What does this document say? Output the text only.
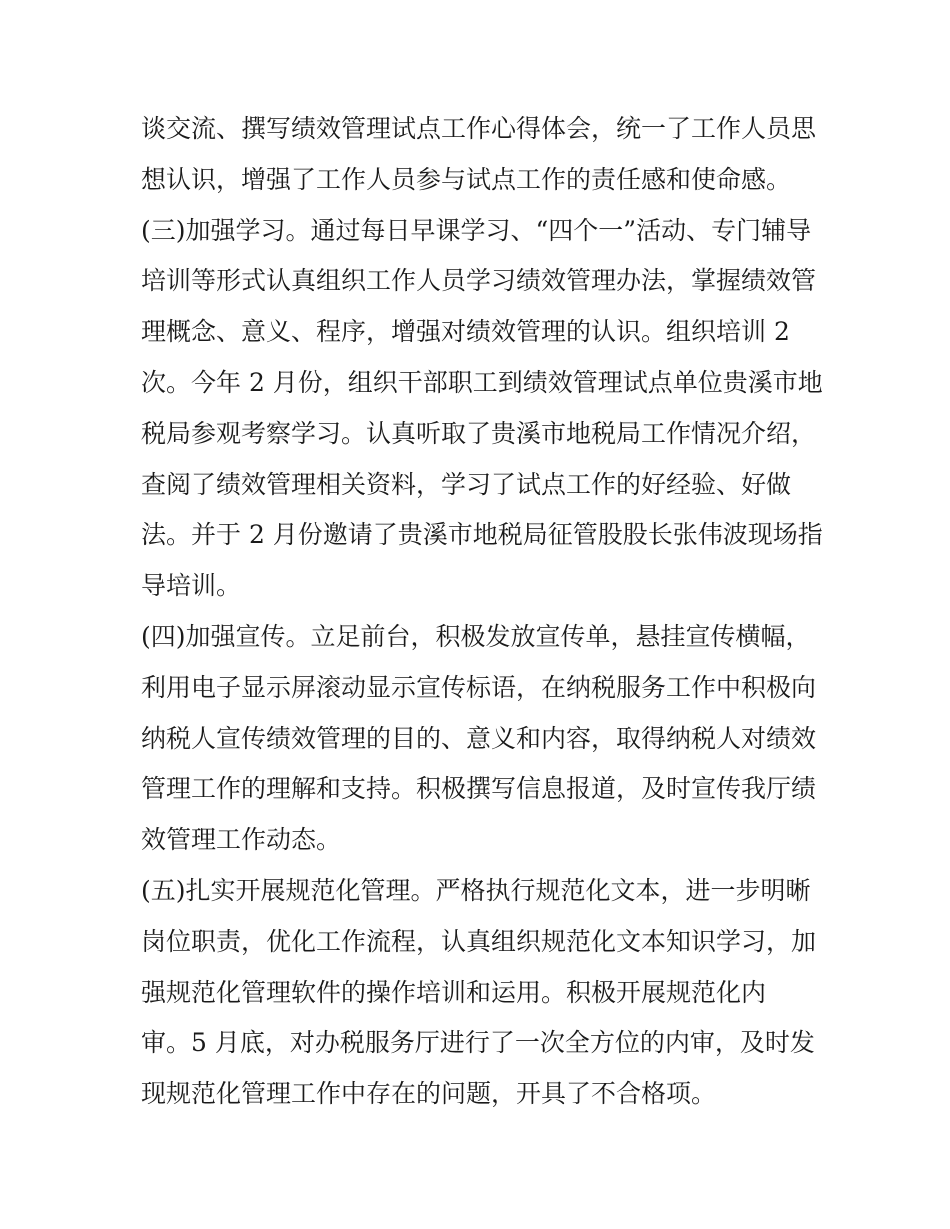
谈交流、撰写绩效管理试点工作心得体会，统一了工作人员思
想认识，增强了工作人员参与试点工作的责任感和使命感。
(三)加强学习。通过每日早课学习、“四个一”活动、专门辅导
培训等形式认真组织工作人员学习绩效管理办法，掌握绩效管
理概念、意义、程序，增强对绩效管理的认识。组织培训 2
次。今年 2 月份，组织干部职工到绩效管理试点单位贵溪市地
税局参观考察学习。认真听取了贵溪市地税局工作情况介绍，
查阅了绩效管理相关资料，学习了试点工作的好经验、好做
法。并于 2 月份邀请了贵溪市地税局征管股股长张伟波现场指
导培训。
(四)加强宣传。立足前台，积极发放宣传单，悬挂宣传横幅，
利用电子显示屏滚动显示宣传标语，在纳税服务工作中积极向
纳税人宣传绩效管理的目的、意义和内容，取得纳税人对绩效
管理工作的理解和支持。积极撰写信息报道，及时宣传我厅绩
效管理工作动态。
(五)扎实开展规范化管理。严格执行规范化文本，进一步明晰
岗位职责，优化工作流程，认真组织规范化文本知识学习，加
强规范化管理软件的操作培训和运用。积极开展规范化内
审。5 月底，对办税服务厅进行了一次全方位的内审，及时发
现规范化管理工作中存在的问题，开具了不合格项。
